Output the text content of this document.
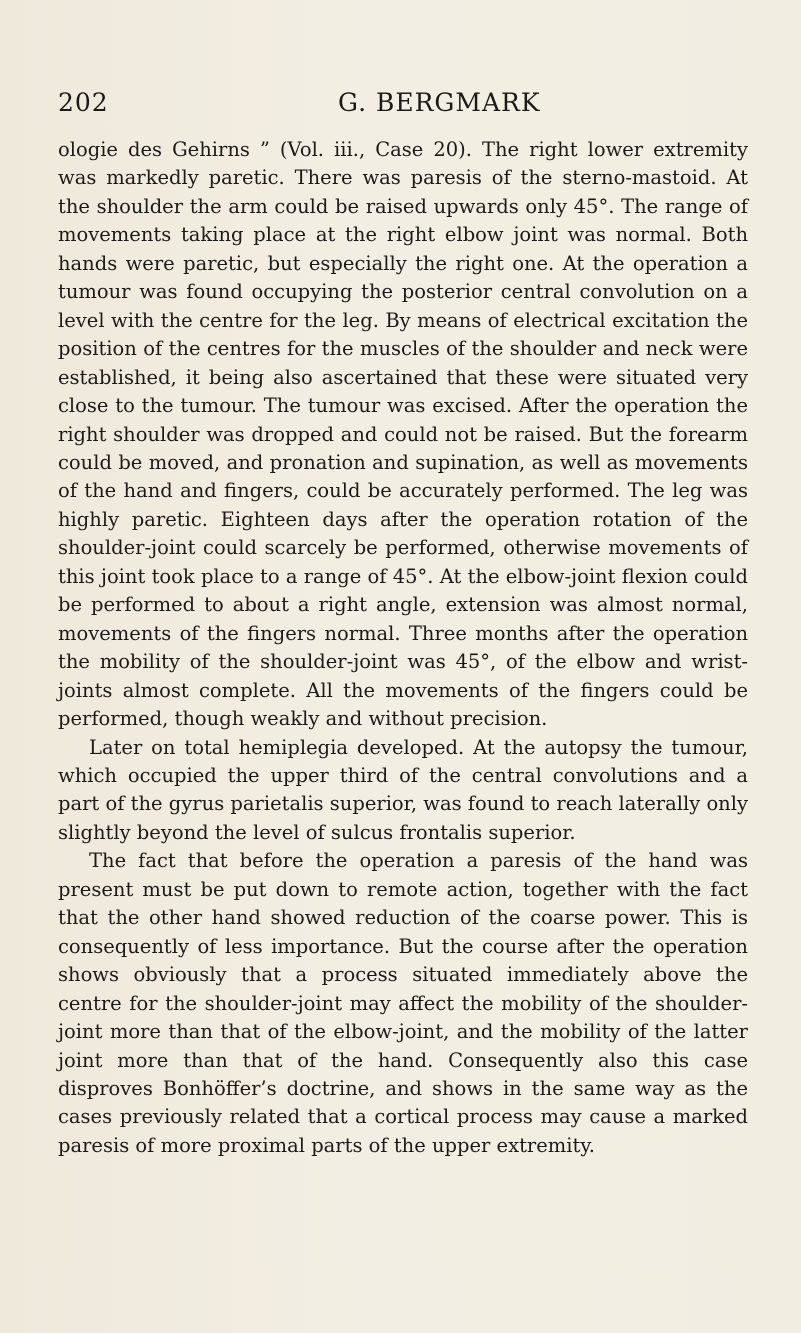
202	G. BERGMARK

ologie des Gehirns ” (Vol. iii., Case 20). The right lower extremity was markedly paretic. There was paresis of the sterno-mastoid. At the shoulder the arm could be raised upwards only 45°. The range of movements taking place at the right elbow joint was normal. Both hands were paretic, but especially the right one. At the operation a tumour was found occupying the posterior central convolution on a level with the centre for the leg. By means of electrical excitation the position of the centres for the muscles of the shoulder and neck were established, it being also ascertained that these were situated very close to the tumour. The tumour was excised. After the operation the right shoulder was dropped and could not be raised. But the forearm could be moved, and pronation and supination, as well as movements of the hand and fingers, could be accurately performed. The leg was highly paretic. Eighteen days after the operation rotation of the shoulder-joint could scarcely be performed, otherwise movements of this joint took place to a range of 45°. At the elbow-joint flexion could be performed to about a right angle, extension was almost normal, movements of the fingers normal. Three months after the operation the mobility of the shoulder-joint was 45°, of the elbow and wrist-joints almost complete. All the movements of the fingers could be performed, though weakly and without precision.

Later on total hemiplegia developed. At the autopsy the tumour, which occupied the upper third of the central convolutions and a part of the gyrus parietalis superior, was found to reach laterally only slightly beyond the level of sulcus frontalis superior.

The fact that before the operation a paresis of the hand was present must be put down to remote action, together with the fact that the other hand showed reduction of the coarse power. This is consequently of less importance. But the course after the operation shows obviously that a process situated immediately above the centre for the shoulder-joint may affect the mobility of the shoulder-joint more than that of the elbow-joint, and the mobility of the latter joint more than that of the hand. Consequently also this case disproves Bonhöffer’s doctrine, and shows in the same way as the cases previously related that a cortical process may cause a marked paresis of more proximal parts of the upper extremity.
